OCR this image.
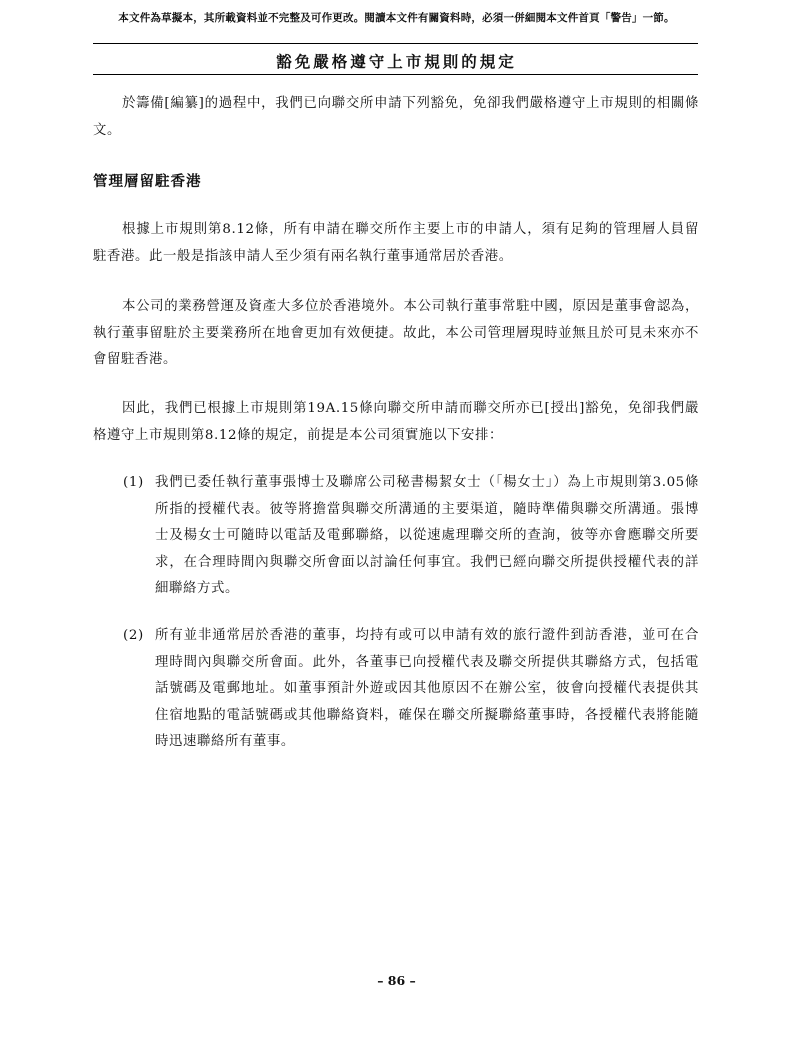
本文件為草擬本，其所載資料並不完整及可作更改。閱讀本文件有關資料時，必須一併細閱本文件首頁「警告」一節。
豁免嚴格遵守上市規則的規定

於籌備[編纂]的過程中，我們已向聯交所申請下列豁免，免卻我們嚴格遵守上市規則的相關條文。

管理層留駐香港

根據上市規則第8.12條，所有申請在聯交所作主要上市的申請人，須有足夠的管理層人員留駐香港。此一般是指該申請人至少須有兩名執行董事通常居於香港。

本公司的業務營運及資產大多位於香港境外。本公司執行董事常駐中國，原因是董事會認為，執行董事留駐於主要業務所在地會更加有效便捷。故此，本公司管理層現時並無且於可見未來亦不會留駐香港。

因此，我們已根據上市規則第19A.15條向聯交所申請而聯交所亦已[授出]豁免，免卻我們嚴格遵守上市規則第8.12條的規定，前提是本公司須實施以下安排：

(1) 我們已委任執行董事張博士及聯席公司秘書楊絜女士（「楊女士」）為上市規則第3.05條所指的授權代表。彼等將擔當與聯交所溝通的主要渠道，隨時準備與聯交所溝通。張博士及楊女士可隨時以電話及電郵聯絡，以從速處理聯交所的查詢，彼等亦會應聯交所要求，在合理時間內與聯交所會面以討論任何事宜。我們已經向聯交所提供授權代表的詳細聯絡方式。
(2) 所有並非通常居於香港的董事，均持有或可以申請有效的旅行證件到訪香港，並可在合理時間內與聯交所會面。此外，各董事已向授權代表及聯交所提供其聯絡方式，包括電話號碼及電郵地址。如董事預計外遊或因其他原因不在辦公室，彼會向授權代表提供其住宿地點的電話號碼或其他聯絡資料，確保在聯交所擬聯絡董事時，各授權代表將能隨時迅速聯絡所有董事。
– 86 –
